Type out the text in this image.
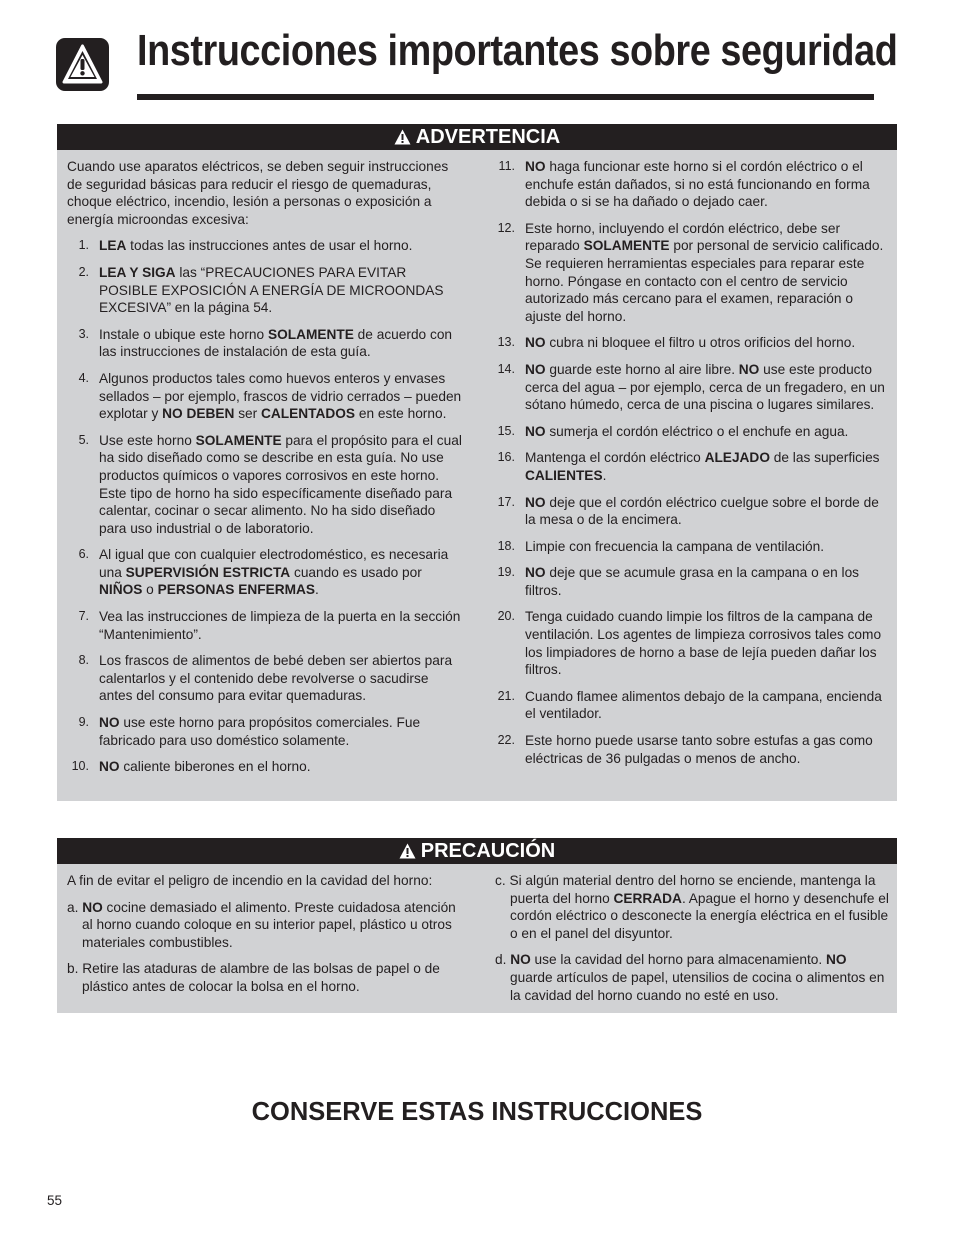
Instrucciones importantes sobre seguridad
ADVERTENCIA

Cuando use aparatos eléctricos, se deben seguir instrucciones de seguridad básicas para reducir el riesgo de quemaduras, choque eléctrico, incendio, lesión a personas o exposición a energía microondas excesiva:

1. LEA todas las instrucciones antes de usar el horno.
2. LEA Y SIGA las “PRECAUCIONES PARA EVITAR POSIBLE EXPOSICIÓN A ENERGÍA DE MICROONDAS EXCESIVA” en la página 54.
3. Instale o ubique este horno SOLAMENTE de acuerdo con las instrucciones de instalación de esta guía.
4. Algunos productos tales como huevos enteros y envases sellados – por ejemplo, frascos de vidrio cerrados – pueden explotar y NO DEBEN ser CALENTADOS en este horno.
5. Use este horno SOLAMENTE para el propósito para el cual ha sido diseñado como se describe en esta guía. No use productos químicos o vapores corrosivos en este horno. Este tipo de horno ha sido específicamente diseñado para calentar, cocinar o secar alimento. No ha sido diseñado para uso industrial o de laboratorio.
6. Al igual que con cualquier electrodoméstico, es necesaria una SUPERVISIÓN ESTRICTA cuando es usado por NIÑOS o PERSONAS ENFERMAS.
7. Vea las instrucciones de limpieza de la puerta en la sección “Mantenimiento”.
8. Los frascos de alimentos de bebé deben ser abiertos para calentarlos y el contenido debe revolverse o sacudirse antes del consumo para evitar quemaduras.
9. NO use este horno para propósitos comerciales. Fue fabricado para uso doméstico solamente.
10. NO caliente biberones en el horno.
11. NO haga funcionar este horno si el cordón eléctrico o el enchufe están dañados, si no está funcionando en forma debida o si se ha dañado o dejado caer.
12. Este horno, incluyendo el cordón eléctrico, debe ser reparado SOLAMENTE por personal de servicio calificado. Se requieren herramientas especiales para reparar este horno. Póngase en contacto con el centro de servicio autorizado más cercano para el examen, reparación o ajuste del horno.
13. NO cubra ni bloquee el filtro u otros orificios del horno.
14. NO guarde este horno al aire libre. NO use este producto cerca del agua – por ejemplo, cerca de un fregadero, en un sótano húmedo, cerca de una piscina o lugares similares.
15. NO sumerja el cordón eléctrico o el enchufe en agua.
16. Mantenga el cordón eléctrico ALEJADO de las superficies CALIENTES.
17. NO deje que el cordón eléctrico cuelgue sobre el borde de la mesa o de la encimera.
18. Limpie con frecuencia la campana de ventilación.
19. NO deje que se acumule grasa en la campana o en los filtros.
20. Tenga cuidado cuando limpie los filtros de la campana de ventilación. Los agentes de limpieza corrosivos tales como los limpiadores de horno a base de lejía pueden dañar los filtros.
21. Cuando flamee alimentos debajo de la campana, encienda el ventilador.
22. Este horno puede usarse tanto sobre estufas a gas como eléctricas de 36 pulgadas o menos de ancho.
PRECAUCIÓN

A fin de evitar el peligro de incendio en la cavidad del horno:

a. NO cocine demasiado el alimento. Preste cuidadosa atención al horno cuando coloque en su interior papel, plástico u otros materiales combustibles.
b. Retire las ataduras de alambre de las bolsas de papel o de plástico antes de colocar la bolsa en el horno.
c. Si algún material dentro del horno se enciende, mantenga la puerta del horno CERRADA. Apague el horno y desenchufe el cordón eléctrico o desconecte la energía eléctrica en el fusible o en el panel del disyuntor.
d. NO use la cavidad del horno para almacenamiento. NO guarde artículos de papel, utensilios de cocina o alimentos en la cavidad del horno cuando no esté en uso.
CONSERVE ESTAS INSTRUCCIONES
55
